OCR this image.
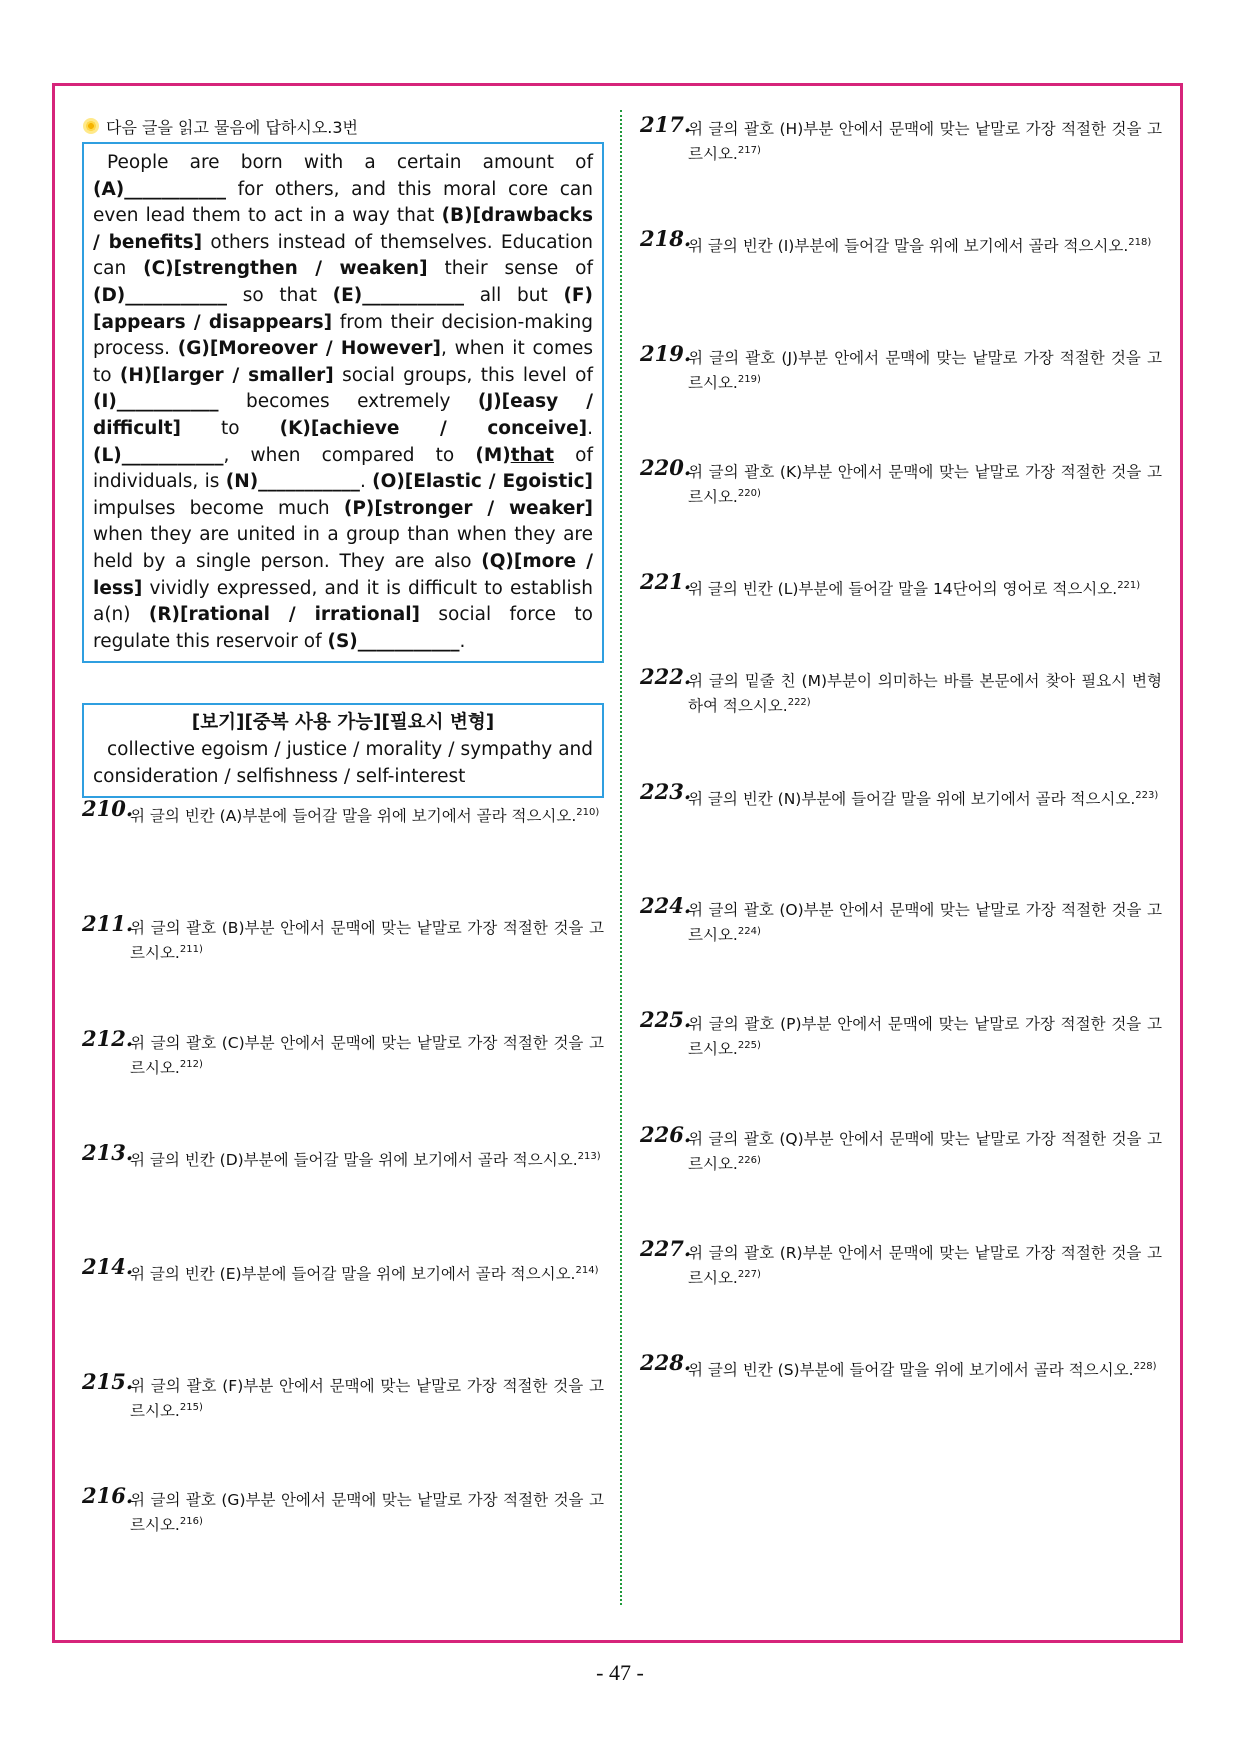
다음 글을 읽고 물음에 답하시오.3번

People are born with a certain amount of (A)___________ for others, and this moral core can even lead them to act in a way that (B)[drawbacks / benefits] others instead of themselves. Education can (C)[strengthen / weaken] their sense of (D)___________ so that (E)___________ all but (F)[appears / disappears] from their decision-making process. (G)[Moreover / However], when it comes to (H)[larger / smaller] social groups, this level of (I)___________ becomes extremely (J)[easy / difficult] to (K)[achieve / conceive]. (L)___________, when compared to (M)that of individuals, is (N)___________. (O)[Elastic / Egoistic] impulses become much (P)[stronger / weaker] when they are united in a group than when they are held by a single person. They are also (Q)[more / less] vividly expressed, and it is difficult to establish a(n) (R)[rational / irrational] social force to regulate this reservoir of (S)___________.

[보기][중복 사용 가능][필요시 변형]
collective egoism / justice / morality / sympathy and consideration / selfishness / self-interest
210.
위 글의 빈칸 (A)부분에 들어갈 말을 위에 보기에서 골라 적으시오.$^{210)}$
211.
위 글의 괄호 (B)부분 안에서 문맥에 맞는 낱말로 가장 적절한 것을 고르시오.$^{211)}$
212.
위 글의 괄호 (C)부분 안에서 문맥에 맞는 낱말로 가장 적절한 것을 고르시오.$^{212)}$
213.
위 글의 빈칸 (D)부분에 들어갈 말을 위에 보기에서 골라 적으시오.$^{213)}$
214.
위 글의 빈칸 (E)부분에 들어갈 말을 위에 보기에서 골라 적으시오.$^{214)}$
215.
위 글의 괄호 (F)부분 안에서 문맥에 맞는 낱말로 가장 적절한 것을 고르시오.$^{215)}$
216.
위 글의 괄호 (G)부분 안에서 문맥에 맞는 낱말로 가장 적절한 것을 고르시오.$^{216)}$
217.
위 글의 괄호 (H)부분 안에서 문맥에 맞는 낱말로 가장 적절한 것을 고르시오.$^{217)}$
218.
위 글의 빈칸 (I)부분에 들어갈 말을 위에 보기에서 골라 적으시오.$^{218)}$
219.
위 글의 괄호 (J)부분 안에서 문맥에 맞는 낱말로 가장 적절한 것을 고르시오.$^{219)}$
220.
위 글의 괄호 (K)부분 안에서 문맥에 맞는 낱말로 가장 적절한 것을 고르시오.$^{220)}$
221.
위 글의 빈칸 (L)부분에 들어갈 말을 14단어의 영어로 적으시오.$^{221)}$
222.
위 글의 밑줄 친 (M)부분이 의미하는 바를 본문에서 찾아 필요시 변형하여 적으시오.$^{222)}$
223.
위 글의 빈칸 (N)부분에 들어갈 말을 위에 보기에서 골라 적으시오.$^{223)}$
224.
위 글의 괄호 (O)부분 안에서 문맥에 맞는 낱말로 가장 적절한 것을 고르시오.$^{224)}$
225.
위 글의 괄호 (P)부분 안에서 문맥에 맞는 낱말로 가장 적절한 것을 고르시오.$^{225)}$
226.
위 글의 괄호 (Q)부분 안에서 문맥에 맞는 낱말로 가장 적절한 것을 고르시오.$^{226)}$
227.
위 글의 괄호 (R)부분 안에서 문맥에 맞는 낱말로 가장 적절한 것을 고르시오.$^{227)}$
228.
위 글의 빈칸 (S)부분에 들어갈 말을 위에 보기에서 골라 적으시오.$^{228)}$
- 47 -
